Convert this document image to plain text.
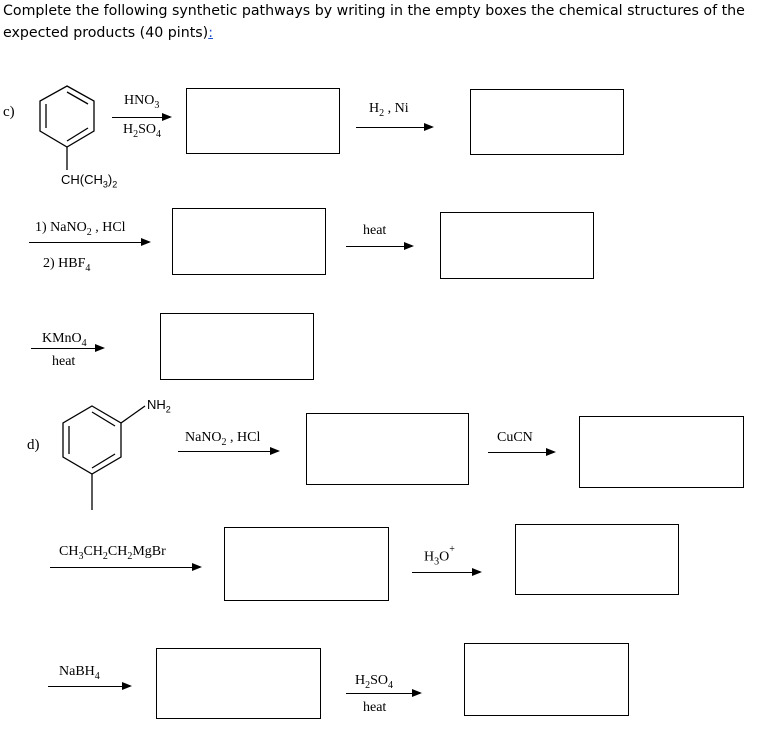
Complete the following synthetic pathways by writing in the empty boxes the chemical structures of the expected products (40 pints):
c)
$CH(CH_3)_2$
$HNO_3$
$H_2SO_4$
$H_2$ , Ni
1) NaNO$_2$ , HCl
2) $HBF_4$
heat
KMnO$_4$
heat
d)
$NH_2$
NaNO$_2$ , HCl	CuCN
$CH_3CH_2CH_2MgBr$	$H_3O^+$
NaBH$_4$	$H_2SO_4$
heat
